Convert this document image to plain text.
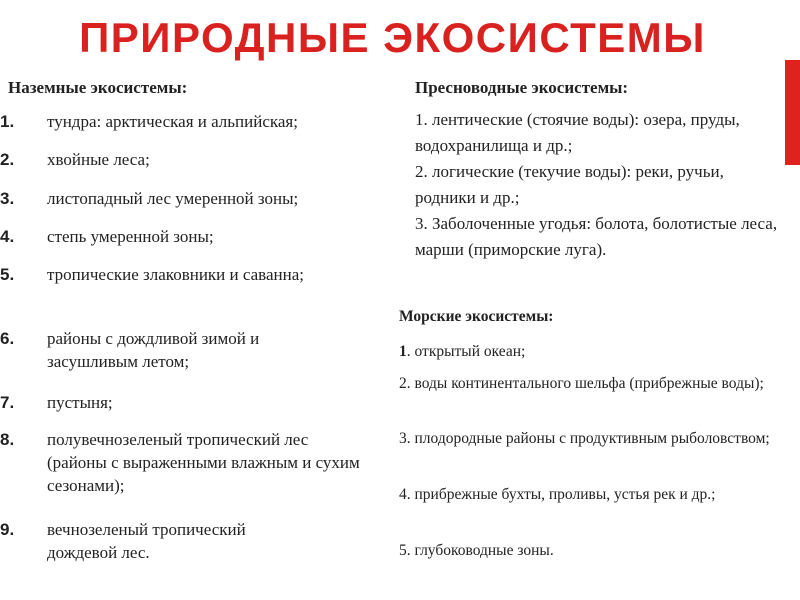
ПРИРОДНЫЕ ЭКОСИСТЕМЫ
Наземные экосистемы:
1.	тундра: арктическая и альпийская;
2.	хвойные леса;
3.	листопадный лес умеренной зоны;
4.	степь умеренной зоны;
5.	тропические злаковники и саванна;
6.	районы с дождливой зимой и засушливым летом;
7.	пустыня;
8.	полувечнозеленый тропический лес (районы с выраженными влажным и сухим сезонами);
9.	вечнозеленый тропический дождевой лес.
Пресноводные экосистемы:
1. лентические (стоячие воды): озера, пруды, водохранилища и др.;
2. логические (текучие воды): реки, ручьи, родники и др.;
3. Заболоченные угодья: болота, болотистые леса, марши (приморские луга).
Морские экосистемы:
1. открытый океан;
2. воды континентального шельфа (прибрежные воды);
3. плодородные районы с продуктивным рыболовством;
4. прибрежные бухты, проливы, устья рек и др.;
5. глубоководные зоны.
